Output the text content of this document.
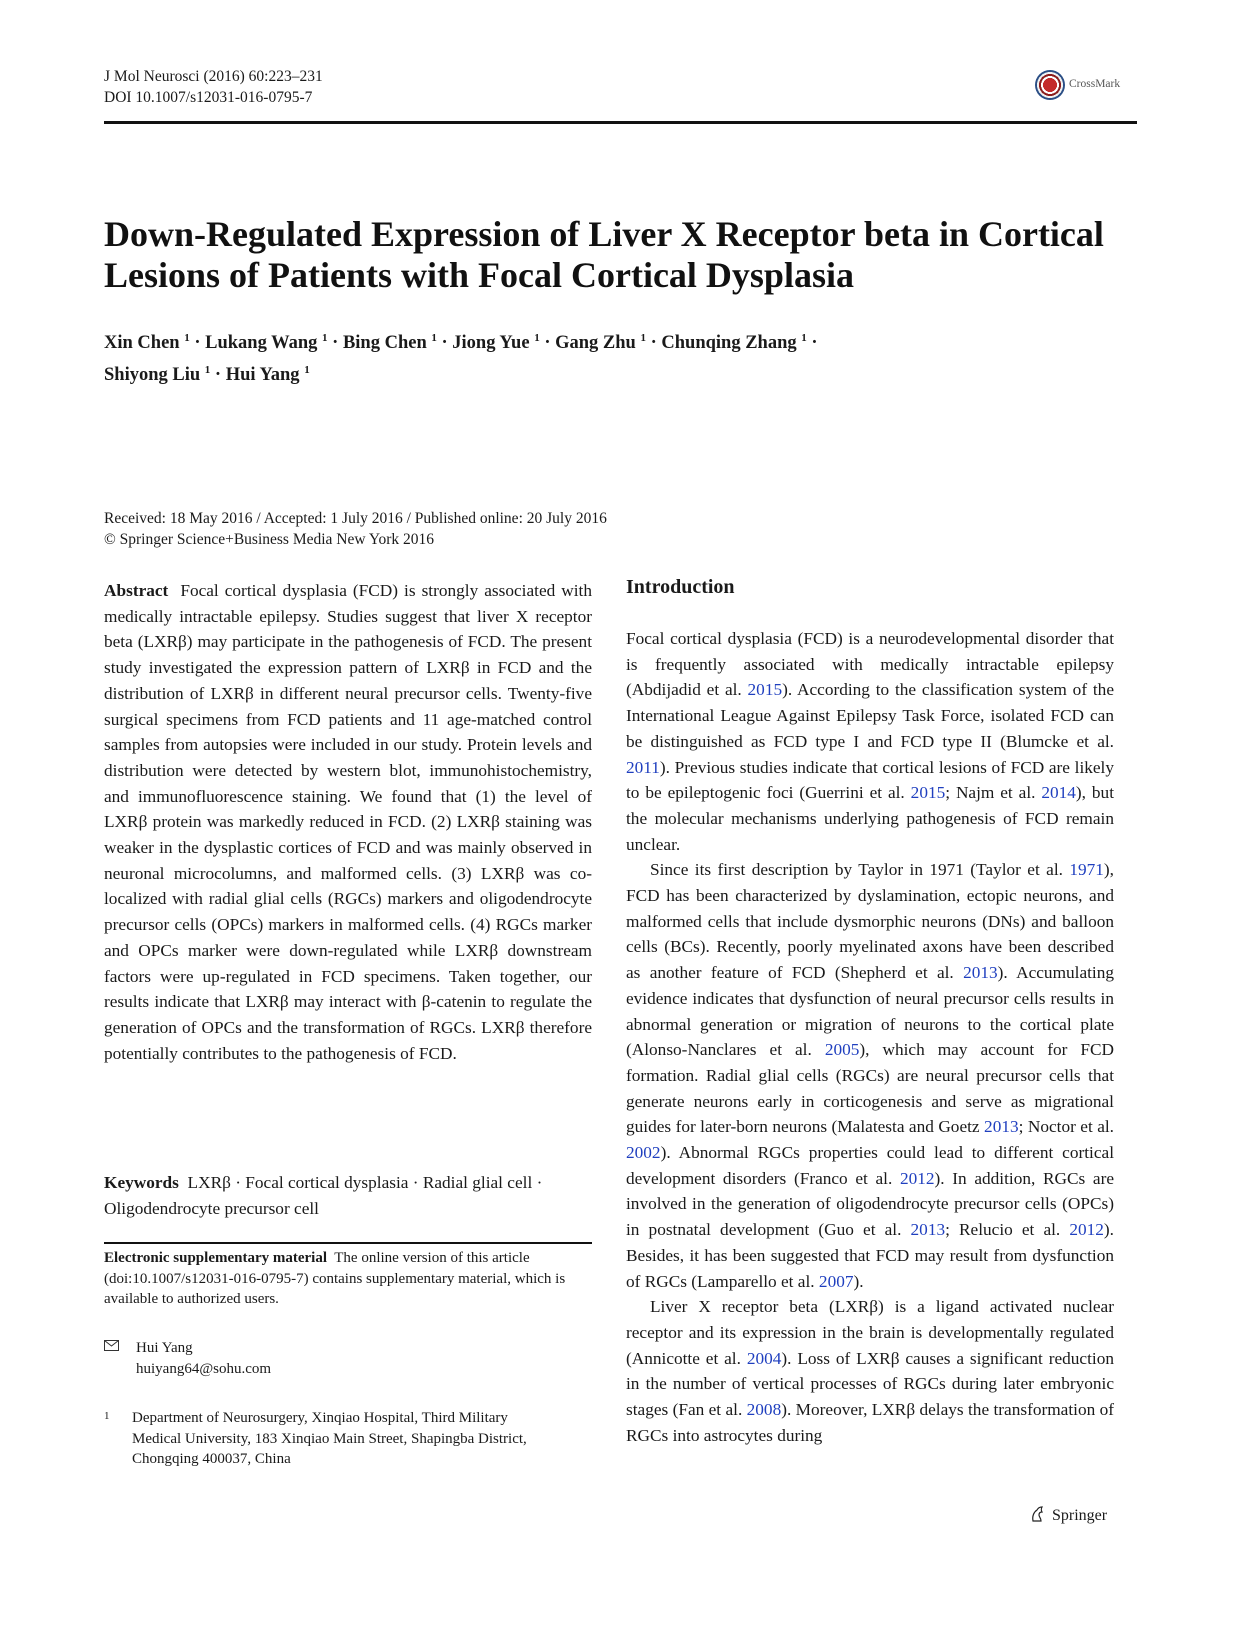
J Mol Neurosci (2016) 60:223–231
DOI 10.1007/s12031-016-0795-7
CrossMark
Down-Regulated Expression of Liver X Receptor beta in Cortical
Lesions of Patients with Focal Cortical Dysplasia
Xin Chen $^1$ · Lukang Wang $^1$ · Bing Chen $^1$ · Jiong Yue $^1$ · Gang Zhu $^1$ · Chunqing Zhang $^1$ ·
Shiyong Liu $^1$ · Hui Yang $^1$
Received: 18 May 2016 / Accepted: 1 July 2016 / Published online: 20 July 2016
© Springer Science+Business Media New York 2016
Abstract Focal cortical dysplasia (FCD) is strongly associated with medically intractable epilepsy. Studies suggest that liver X receptor beta (LXRβ) may participate in the pathogenesis of FCD. The present study investigated the expression pattern of LXRβ in FCD and the distribution of LXRβ in different neural precursor cells. Twenty-five surgical specimens from FCD patients and 11 age-matched control samples from autopsies were included in our study. Protein levels and distribution were detected by western blot, immunohistochemistry, and immunofluorescence staining. We found that (1) the level of LXRβ protein was markedly reduced in FCD. (2) LXRβ staining was weaker in the dysplastic cortices of FCD and was mainly observed in neuronal microcolumns, and malformed cells. (3) LXRβ was co-localized with radial glial cells (RGCs) markers and oligodendrocyte precursor cells (OPCs) markers in malformed cells. (4) RGCs marker and OPCs marker were down-regulated while LXRβ downstream factors were up-regulated in FCD specimens. Taken together, our results indicate that LXRβ may interact with β-catenin to regulate the generation of OPCs and the transformation of RGCs. LXRβ therefore potentially contributes to the pathogenesis of FCD.
Keywords LXRβ · Focal cortical dysplasia · Radial glial cell · Oligodendrocyte precursor cell
Electronic supplementary material The online version of this article (doi:10.1007/s12031-016-0795-7) contains supplementary material, which is available to authorized users.
Hui Yang
huiyang64@sohu.com
1 Department of Neurosurgery, Xinqiao Hospital, Third Military
Medical University, 183 Xinqiao Main Street, Shapingba District,
Chongqing 400037, China
Introduction

Focal cortical dysplasia (FCD) is a neurodevelopmental disorder that is frequently associated with medically intractable epilepsy (Abdijadid et al. 2015). According to the classification system of the International League Against Epilepsy Task Force, isolated FCD can be distinguished as FCD type I and FCD type II (Blumcke et al. 2011). Previous studies indicate that cortical lesions of FCD are likely to be epileptogenic foci (Guerrini et al. 2015; Najm et al. 2014), but the molecular mechanisms underlying pathogenesis of FCD remain unclear.

Since its first description by Taylor in 1971 (Taylor et al. 1971), FCD has been characterized by dyslamination, ectopic neurons, and malformed cells that include dysmorphic neurons (DNs) and balloon cells (BCs). Recently, poorly myelinated axons have been described as another feature of FCD (Shepherd et al. 2013). Accumulating evidence indicates that dysfunction of neural precursor cells results in abnormal generation or migration of neurons to the cortical plate (Alonso-Nanclares et al. 2005), which may account for FCD formation. Radial glial cells (RGCs) are neural precursor cells that generate neurons early in corticogenesis and serve as migrational guides for later-born neurons (Malatesta and Goetz 2013; Noctor et al. 2002). Abnormal RGCs properties could lead to different cortical development disorders (Franco et al. 2012). In addition, RGCs are involved in the generation of oligodendrocyte precursor cells (OPCs) in postnatal development (Guo et al. 2013; Relucio et al. 2012). Besides, it has been suggested that FCD may result from dysfunction of RGCs (Lamparello et al. 2007).

Liver X receptor beta (LXRβ) is a ligand activated nuclear receptor and its expression in the brain is developmentally regulated (Annicotte et al. 2004). Loss of LXRβ causes a significant reduction in the number of vertical processes of RGCs during later embryonic stages (Fan et al. 2008). Moreover, LXRβ delays the transformation of RGCs into astrocytes during

Springer
